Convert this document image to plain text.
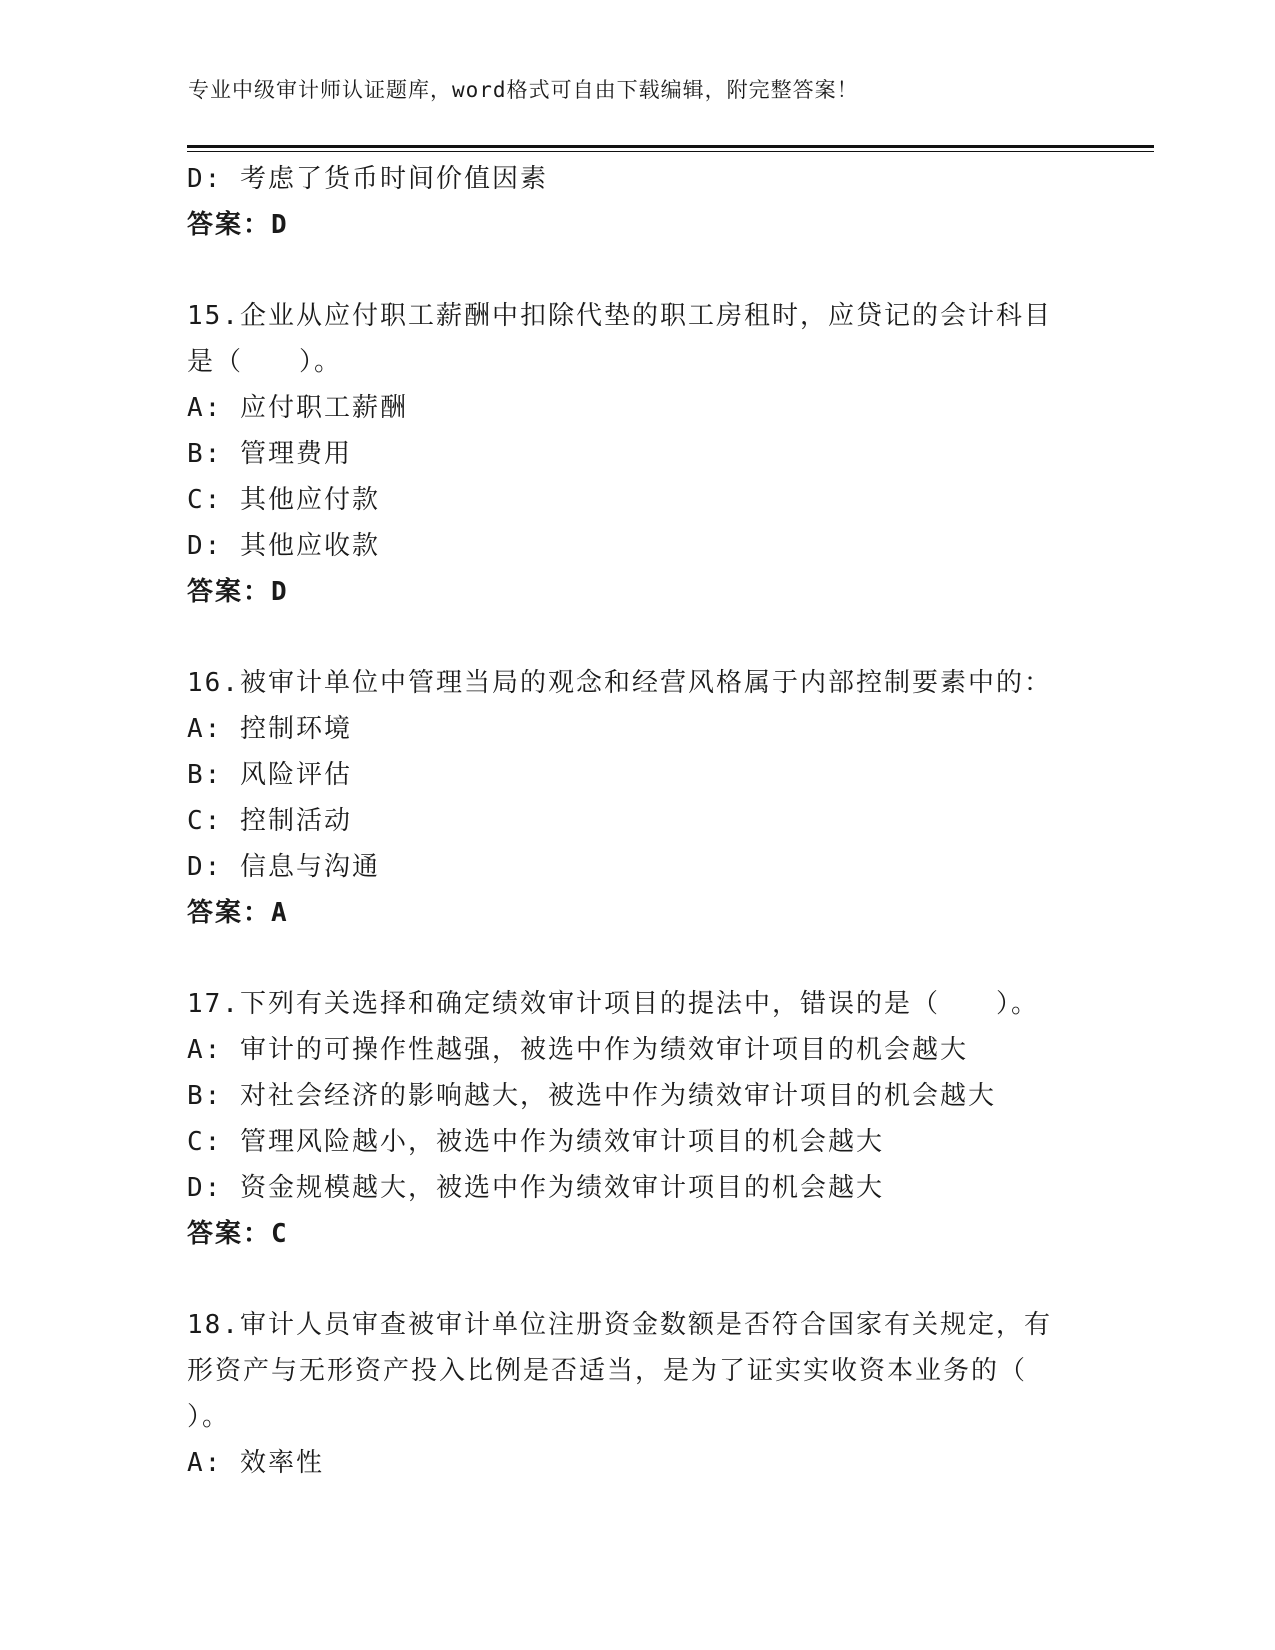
专业中级审计师认证题库，word格式可自由下载编辑，附完整答案！
D: 考虑了货币时间价值因素
答案：D
15.企业从应付职工薪酬中扣除代垫的职工房租时，应贷记的会计科目
是（　　）。
A: 应付职工薪酬
B: 管理费用
C: 其他应付款
D: 其他应收款
答案：D
16.被审计单位中管理当局的观念和经营风格属于内部控制要素中的：
A: 控制环境
B: 风险评估
C: 控制活动
D: 信息与沟通
答案：A
17.下列有关选择和确定绩效审计项目的提法中，错误的是（　　）。
A: 审计的可操作性越强，被选中作为绩效审计项目的机会越大
B: 对社会经济的影响越大，被选中作为绩效审计项目的机会越大
C: 管理风险越小，被选中作为绩效审计项目的机会越大
D: 资金规模越大，被选中作为绩效审计项目的机会越大
答案：C
18.审计人员审查被审计单位注册资金数额是否符合国家有关规定，有
形资产与无形资产投入比例是否适当，是为了证实实收资本业务的（
）。
A: 效率性
